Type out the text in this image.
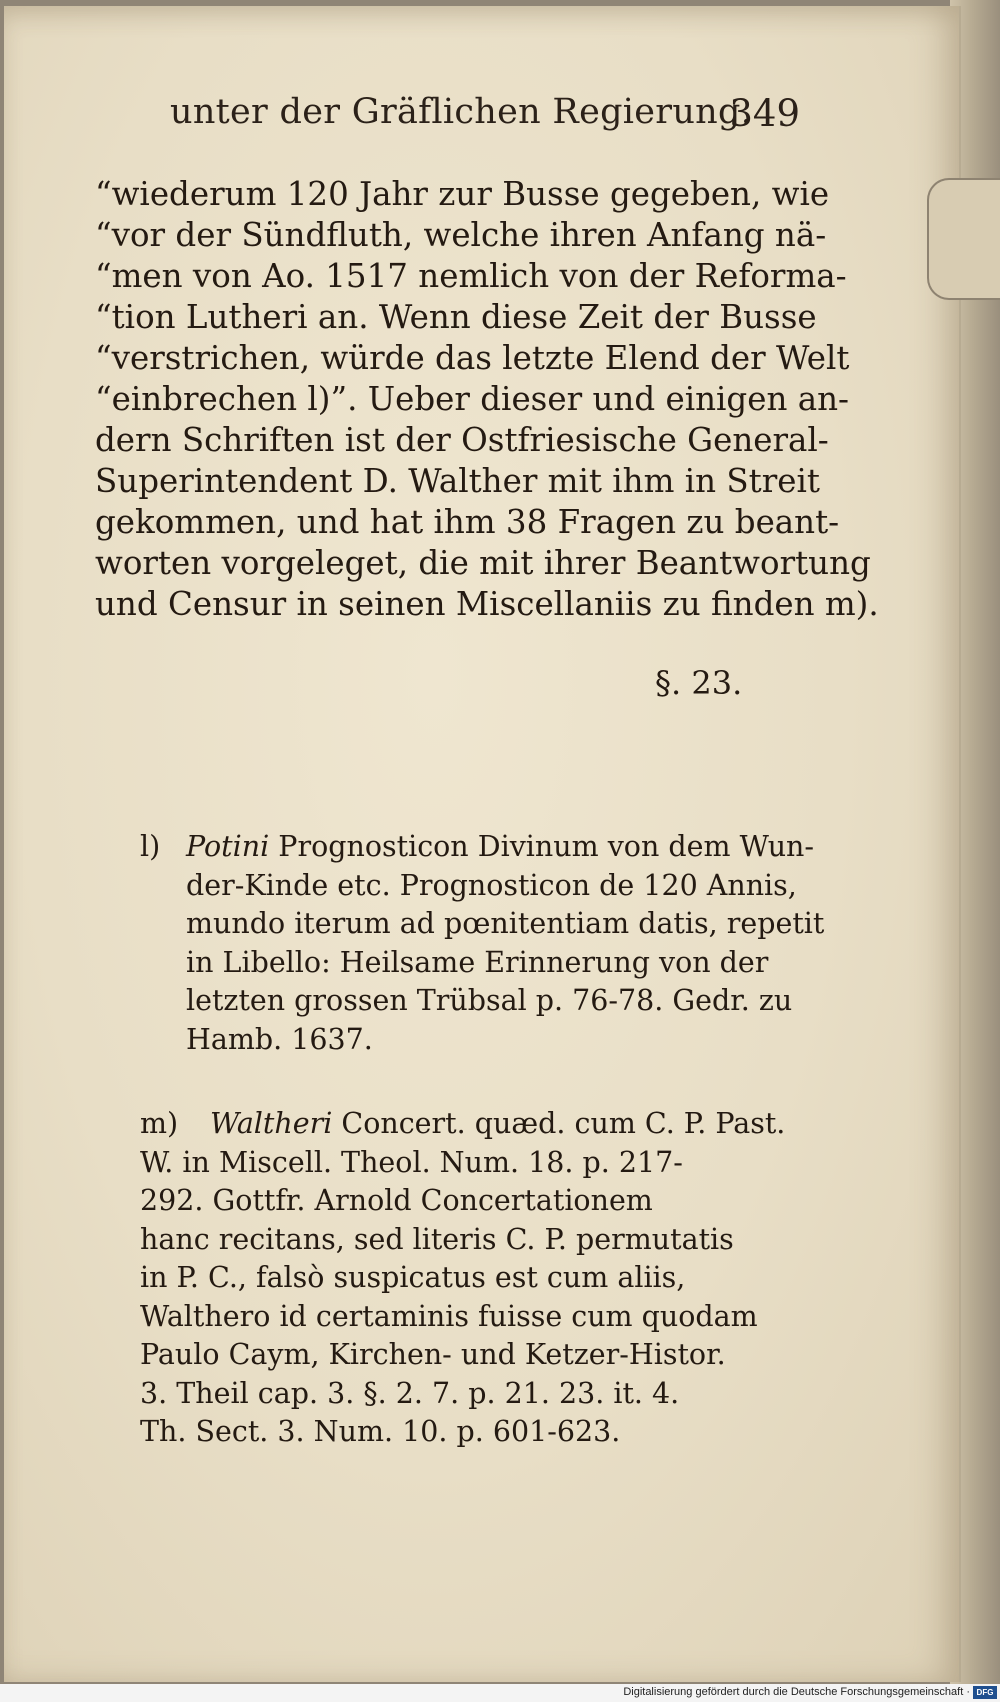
unter der Gräflichen Regierung.
349
“wiederum 120 Jahr zur Busse gegeben, wie
“vor der Sündfluth, welche ihren Anfang nä-
“men von Ao. 1517 nemlich von der Reforma-
“tion Lutheri an. Wenn diese Zeit der Busse
“verstrichen, würde das letzte Elend der Welt
“einbrechen l)”. Ueber dieser und einigen an-
dern Schriften ist der Ostfriesische General-
Superintendent D. Walther mit ihm in Streit
gekommen, und hat ihm 38 Fragen zu beant-
worten vorgeleget, die mit ihrer Beantwortung
und Censur in seinen Miscellaniis zu finden m).
§. 23.
l) Potini Prognosticon Divinum von dem Wun-
der-Kinde etc. Prognosticon de 120 Annis,
mundo iterum ad pœnitentiam datis, repetit
in Libello: Heilsame Erinnerung von der
letzten grossen Trübsal p. 76-78. Gedr. zu
Hamb. 1637.
m) Waltheri Concert. quæd. cum C. P. Past.
W. in Miscell. Theol. Num. 18. p. 217-
292. Gottfr. Arnold Concertationem
hanc recitans, sed literis C. P. permutatis
in P. C., falsò suspicatus est cum aliis,
Walthero id certaminis fuisse cum quodam
Paulo Caym, Kirchen- und Ketzer-Histor.
3. Theil cap. 3. §. 2. 7. p. 21. 23. it. 4.
Th. Sect. 3. Num. 10. p. 601-623.
Digitalisierung gefördert durch die Deutsche Forschungsgemeinschaft · DFG
